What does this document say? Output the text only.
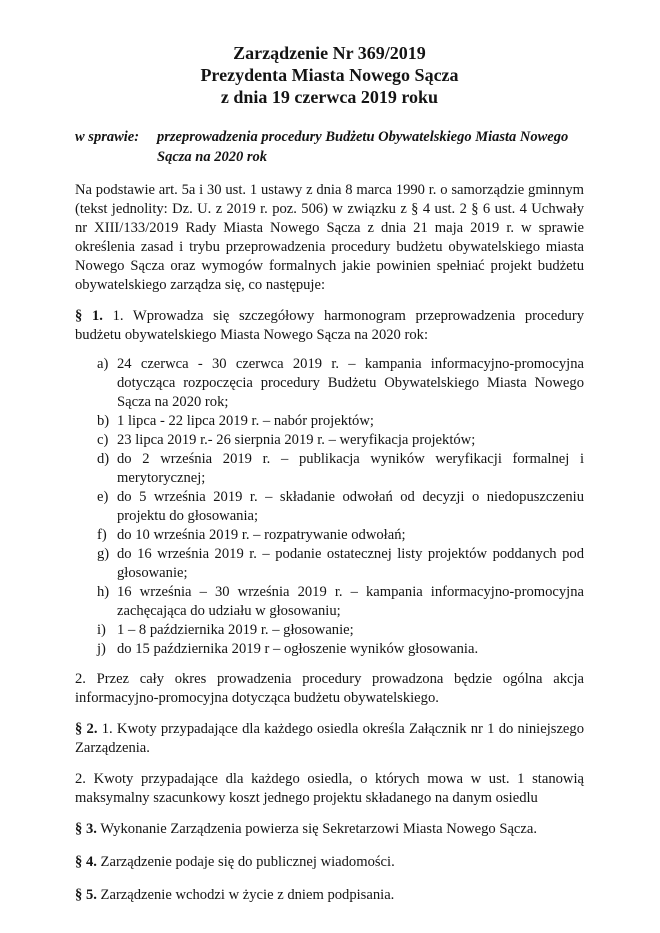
Zarządzenie Nr 369/2019
Prezydenta Miasta Nowego Sącza
z dnia 19 czerwca 2019 roku
w sprawie:	przeprowadzenia procedury Budżetu Obywatelskiego Miasta Nowego Sącza na 2020 rok

Na podstawie art. 5a i 30 ust. 1 ustawy z dnia 8 marca 1990 r. o samorządzie gminnym (tekst jednolity: Dz. U. z 2019 r. poz. 506) w związku z § 4 ust. 2 § 6 ust. 4 Uchwały nr XIII/133/2019 Rady Miasta Nowego Sącza z dnia 21 maja 2019 r. w sprawie określenia zasad i trybu przeprowadzenia procedury budżetu obywatelskiego miasta Nowego Sącza oraz wymogów formalnych jakie powinien spełniać projekt budżetu obywatelskiego zarządza się, co następuje:

§ 1. 1. Wprowadza się szczegółowy harmonogram przeprowadzenia procedury budżetu obywatelskiego Miasta Nowego Sącza na 2020 rok:

a) 24 czerwca - 30 czerwca 2019 r. – kampania informacyjno-promocyjna dotycząca rozpoczęcia procedury Budżetu Obywatelskiego Miasta Nowego Sącza na 2020 rok;
b) 1 lipca - 22 lipca 2019 r. – nabór projektów;
c) 23 lipca 2019 r.- 26 sierpnia 2019 r. – weryfikacja projektów;
d) do 2 września 2019 r. – publikacja wyników weryfikacji formalnej i merytorycznej;
e) do 5 września 2019 r. – składanie odwołań od decyzji o niedopuszczeniu projektu do głosowania;
f) do 10 września 2019 r. – rozpatrywanie odwołań;
g) do 16 września 2019 r. – podanie ostatecznej listy projektów poddanych pod głosowanie;
h) 16 września – 30 września 2019 r. – kampania informacyjno-promocyjna zachęcająca do udziału w głosowaniu;
i) 1 – 8 października 2019 r. – głosowanie;
j) do 15 października 2019 r – ogłoszenie wyników głosowania.

2. Przez cały okres prowadzenia procedury prowadzona będzie ogólna akcja informacyjno-promocyjna dotycząca budżetu obywatelskiego.

§ 2. 1. Kwoty przypadające dla każdego osiedla określa Załącznik nr 1 do niniejszego Zarządzenia.

2. Kwoty przypadające dla każdego osiedla, o których mowa w ust. 1 stanowią maksymalny szacunkowy koszt jednego projektu składanego na danym osiedlu

§ 3. Wykonanie Zarządzenia powierza się Sekretarzowi Miasta Nowego Sącza.

§ 4. Zarządzenie podaje się do publicznej wiadomości.

§ 5. Zarządzenie wchodzi w życie z dniem podpisania.
